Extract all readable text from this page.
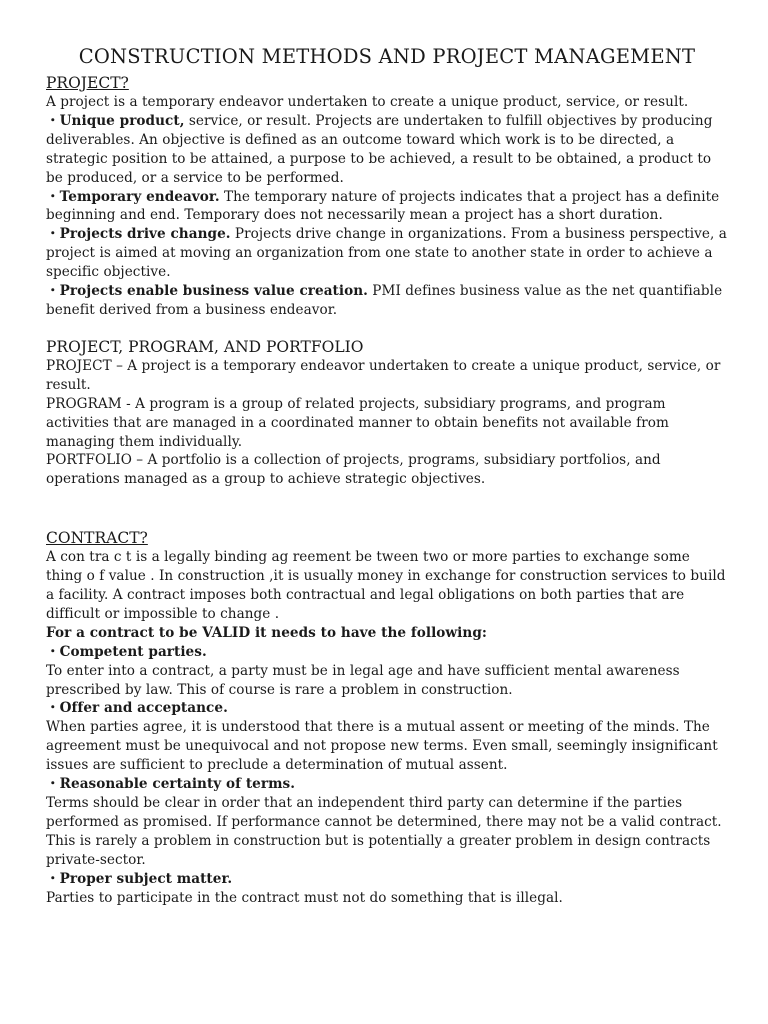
CONSTRUCTION METHODS AND PROJECT MANAGEMENT
PROJECT?

A project is a temporary endeavor undertaken to create a unique product, service, or result.

・Unique product, service, or result. Projects are undertaken to fulfill objectives by producing deliverables. An objective is defined as an outcome toward which work is to be directed, a strategic position to be attained, a purpose to be achieved, a result to be obtained, a product to be produced, or a service to be performed.

・Temporary endeavor. The temporary nature of projects indicates that a project has a definite beginning and end. Temporary does not necessarily mean a project has a short duration.

・Projects drive change. Projects drive change in organizations. From a business perspective, a project is aimed at moving an organization from one state to another state in order to achieve a specific objective.

・Projects enable business value creation. PMI defines business value as the net quantifiable benefit derived from a business endeavor.

PROJECT, PROGRAM, AND PORTFOLIO

PROJECT – A project is a temporary endeavor undertaken to create a unique product, service, or result.

PROGRAM - A program is a group of related projects, subsidiary programs, and program activities that are managed in a coordinated manner to obtain benefits not available from managing them individually.

PORTFOLIO – A portfolio is a collection of projects, programs, subsidiary portfolios, and operations managed as a group to achieve strategic objectives.

CONTRACT?

A con tra c t is a legally binding ag reement be tween two or more parties to exchange some thing o f value . In construction ,it is usually money in exchange for construction services to build a facility. A contract imposes both contractual and legal obligations on both parties that are difficult or impossible to change .

For a contract to be VALID it needs to have the following:

・Competent parties.

To enter into a contract, a party must be in legal age and have sufficient mental awareness prescribed by law. This of course is rare a problem in construction.

・Offer and acceptance.

When parties agree, it is understood that there is a mutual assent or meeting of the minds. The agreement must be unequivocal and not propose new terms. Even small, seemingly insignificant issues are sufficient to preclude a determination of mutual assent.

・Reasonable certainty of terms.

Terms should be clear in order that an independent third party can determine if the parties performed as promised. If performance cannot be determined, there may not be a valid contract. This is rarely a problem in construction but is potentially a greater problem in design contracts private-sector.

・Proper subject matter.

Parties to participate in the contract must not do something that is illegal.
